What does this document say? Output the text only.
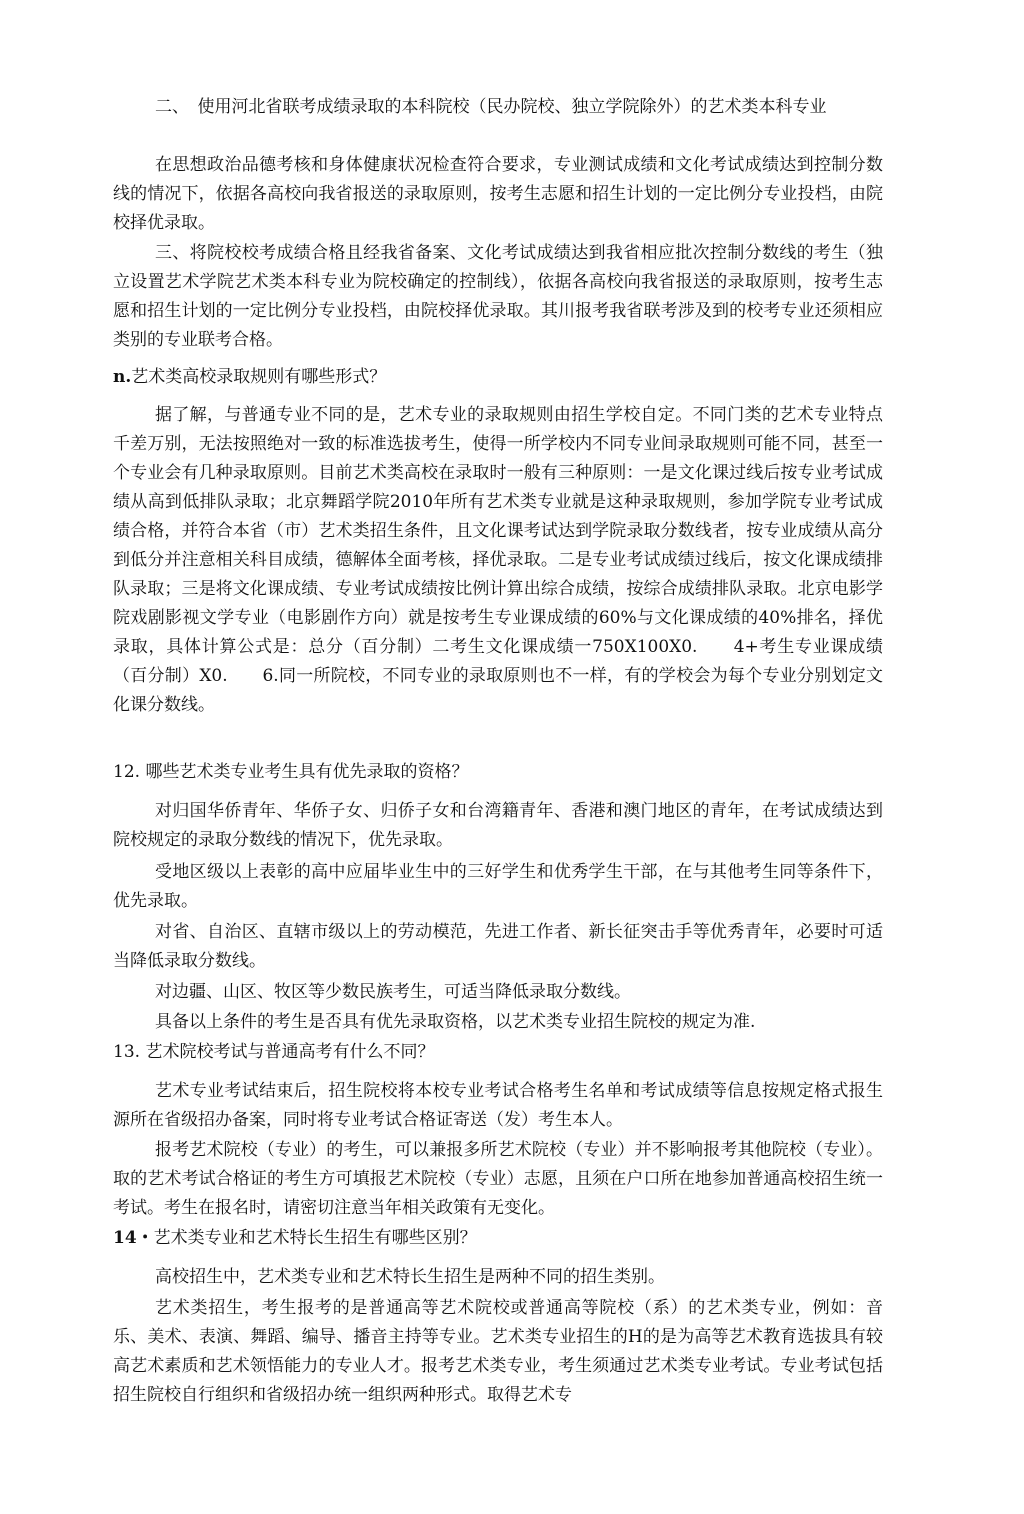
二、　使用河北省联考成绩录取的本科院校（民办院校、独立学院除外）的艺术类本科专业
在思想政治品德考核和身体健康状况检查符合要求，专业测试成绩和文化考试成绩达到控制分数线的情况下，依据各高校向我省报送的录取原则，按考生志愿和招生计划的一定比例分专业投档，由院校择优录取。
三、将院校校考成绩合格且经我省备案、文化考试成绩达到我省相应批次控制分数线的考生（独立设置艺术学院艺术类本科专业为院校确定的控制线），依据各高校向我省报送的录取原则，按考生志愿和招生计划的一定比例分专业投档，由院校择优录取。其川报考我省联考涉及到的校考专业还须相应类别的专业联考合格。
n.艺术类高校录取规则有哪些形式？
据了解，与普通专业不同的是，艺术专业的录取规则由招生学校自定。不同门类的艺术专业特点千差万别，无法按照绝对一致的标准选拔考生，使得一所学校内不同专业间录取规则可能不同，甚至一个专业会有几种录取原则。目前艺术类高校在录取时一般有三种原则：一是文化课过线后按专业考试成绩从高到低排队录取；北京舞蹈学院2010年所有艺术类专业就是这种录取规则，参加学院专业考试成绩合格，并符合本省（市）艺术类招生条件，且文化课考试达到学院录取分数线者，按专业成绩从高分到低分并注意相关科目成绩，德解体全面考核，择优录取。二是专业考试成绩过线后，按文化课成绩排队录取；三是将文化课成绩、专业考试成绩按比例计算出综合成绩，按综合成绩排队录取。北京电影学院戏剧影视文学专业（电影剧作方向）就是按考生专业课成绩的60%与文化课成绩的40%排名，择优录取，具体计算公式是：总分（百分制）二考生文化课成绩一750X100X0.　　4+考生专业课成绩（百分制）X0.　　6.同一所院校，不同专业的录取原则也不一样，有的学校会为每个专业分别划定文化课分数线。
12. 哪些艺术类专业考生具有优先录取的资格？
对归国华侨青年、华侨子女、归侨子女和台湾籍青年、香港和澳门地区的青年，在考试成绩达到院校规定的录取分数线的情况下，优先录取。
受地区级以上表彰的高中应届毕业生中的三好学生和优秀学生干部，在与其他考生同等条件下，优先录取。
对省、自治区、直辖市级以上的劳动模范，先进工作者、新长征突击手等优秀青年，必要时可适当降低录取分数线。
对边疆、山区、牧区等少数民族考生，可适当降低录取分数线。
具备以上条件的考生是否具有优先录取资格，以艺术类专业招生院校的规定为准.
13. 艺术院校考试与普通高考有什么不同？
艺术专业考试结束后，招生院校将本校专业考试合格考生名单和考试成绩等信息按规定格式报生源所在省级招办备案，同时将专业考试合格证寄送（发）考生本人。
报考艺术院校（专业）的考生，可以兼报多所艺术院校（专业）并不影响报考其他院校（专业）。取的艺术考试合格证的考生方可填报艺术院校（专业）志愿，且须在户口所在地参加普通高校招生统一考试。考生在报名时，请密切注意当年相关政策有无变化。
14・艺术类专业和艺术特长生招生有哪些区别？
高校招生中，艺术类专业和艺术特长生招生是两种不同的招生类别。
艺术类招生，考生报考的是普通高等艺术院校或普通高等院校（系）的艺术类专业，例如：音乐、美术、表演、舞蹈、编导、播音主持等专业。艺术类专业招生的H的是为高等艺术教育选拔具有较高艺术素质和艺术领悟能力的专业人才。报考艺术类专业，考生须通过艺术类专业考试。专业考试包括招生院校自行组织和省级招办统一组织两种形式。取得艺术专
